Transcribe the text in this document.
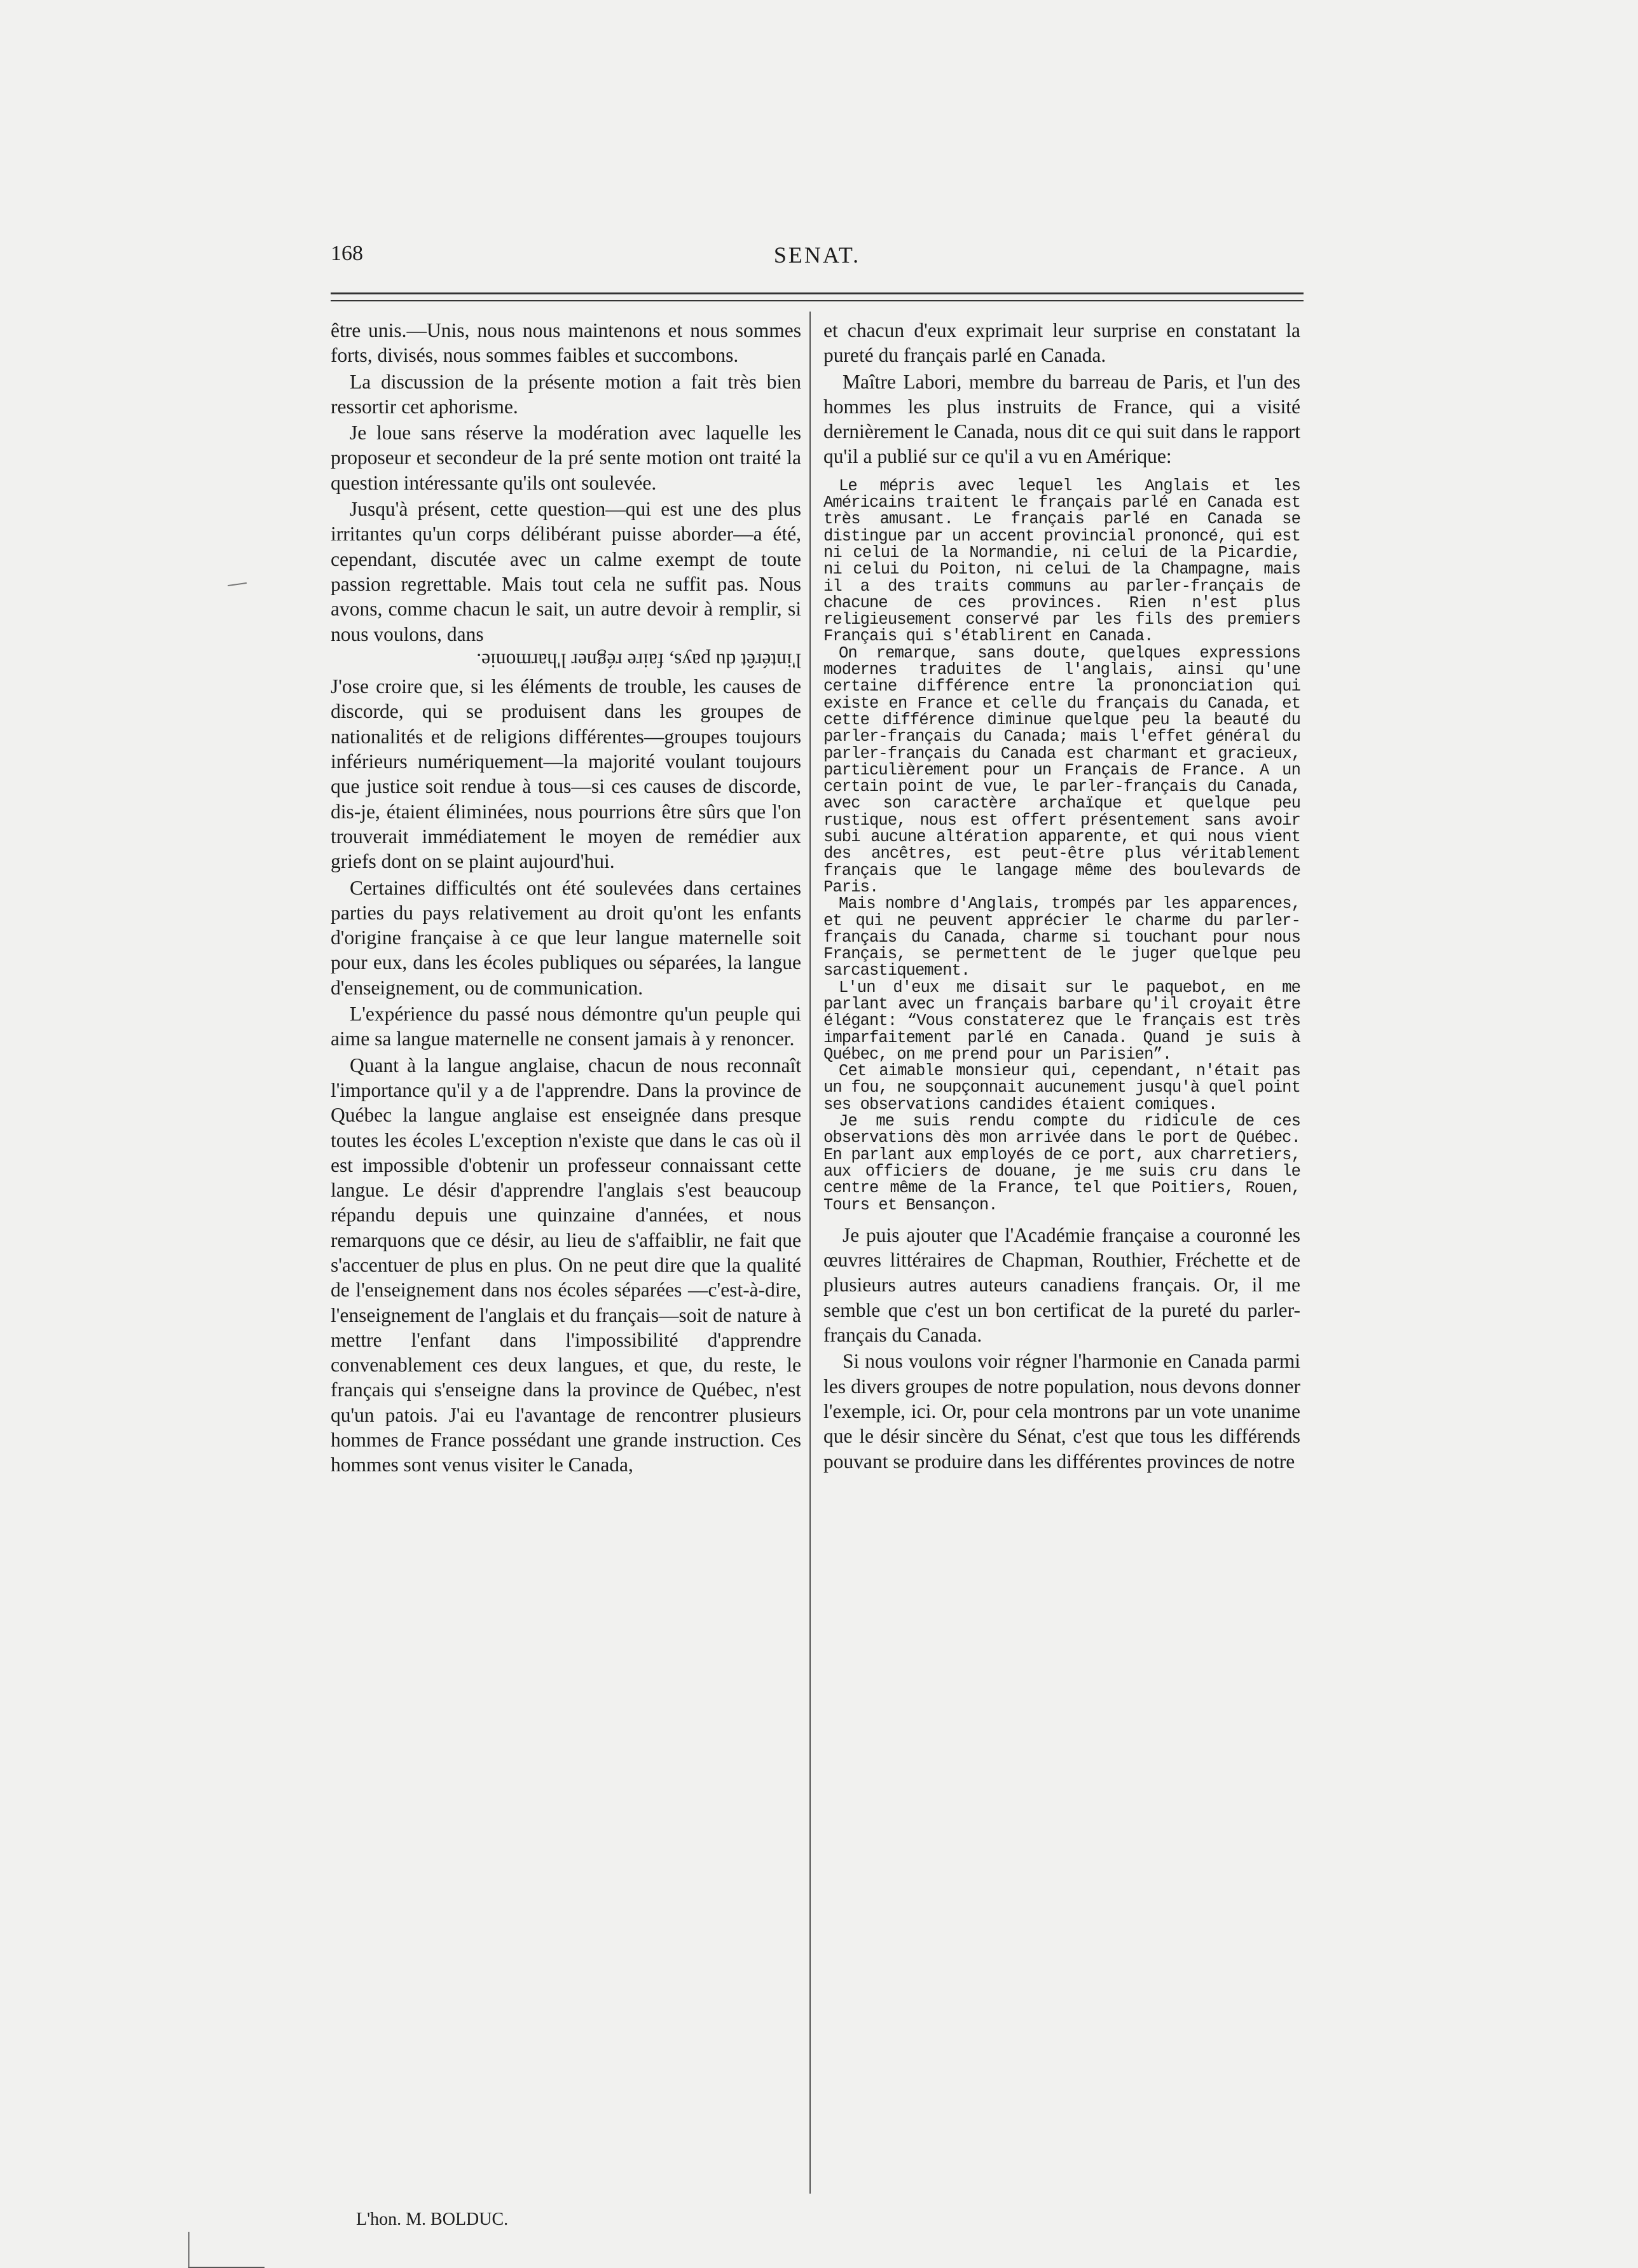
168	SENAT.

être unis.—Unis, nous nous maintenons et nous sommes forts, divisés, nous sommes faibles et succombons.

La discussion de la présente motion a fait très bien ressortir cet aphorisme.

Je loue sans réserve la modération avec laquelle les proposeur et secondeur de la pré sente motion ont traité la question intéressante qu'ils ont soulevée.

Jusqu'à présent, cette question—qui est une des plus irritantes qu'un corps délibérant puisse aborder—a été, cependant, discutée avec un calme exempt de toute passion regrettable. Mais tout cela ne suffit pas. Nous avons, comme chacun le sait, un autre devoir à remplir, si nous voulons, dans

l'intérêt du pays, faire régner l'harmonie.

J'ose croire que, si les éléments de trouble, les causes de discorde, qui se produisent dans les groupes de nationalités et de religions différentes—groupes toujours inférieurs numériquement—la majorité voulant toujours que justice soit rendue à tous—si ces causes de discorde, dis-je, étaient éliminées, nous pourrions être sûrs que l'on trouverait immédiatement le moyen de remédier aux griefs dont on se plaint aujourd'hui.

Certaines difficultés ont été soulevées dans certaines parties du pays relativement au droit qu'ont les enfants d'origine française à ce que leur langue maternelle soit pour eux, dans les écoles publiques ou séparées, la langue d'enseignement, ou de communication.

L'expérience du passé nous démontre qu'un peuple qui aime sa langue maternelle ne consent jamais à y renoncer.

Quant à la langue anglaise, chacun de nous reconnaît l'importance qu'il y a de l'apprendre. Dans la province de Québec la langue anglaise est enseignée dans presque toutes les écoles L'exception n'existe que dans le cas où il est impossible d'obtenir un professeur connaissant cette langue. Le désir d'apprendre l'anglais s'est beaucoup répandu depuis une quinzaine d'années, et nous remarquons que ce désir, au lieu de s'affaiblir, ne fait que s'accentuer de plus en plus. On ne peut dire que la qualité de l'enseignement dans nos écoles séparées —c'est-à-dire, l'enseignement de l'anglais et du français—soit de nature à mettre l'enfant dans l'impossibilité d'apprendre convenablement ces deux langues, et que, du reste, le français qui s'enseigne dans la province de Québec, n'est qu'un patois. J'ai eu l'avantage de rencontrer plusieurs hommes de France possédant une grande instruction. Ces hommes sont venus visiter le Canada,

et chacun d'eux exprimait leur surprise en constatant la pureté du français parlé en Canada.

Maître Labori, membre du barreau de Paris, et l'un des hommes les plus instruits de France, qui a visité dernièrement le Canada, nous dit ce qui suit dans le rapport qu'il a publié sur ce qu'il a vu en Amérique:

Le mépris avec lequel les Anglais et les Américains traitent le français parlé en Canada est très amusant. Le français parlé en Canada se distingue par un accent provincial prononcé, qui est ni celui de la Normandie, ni celui de la Picardie, ni celui du Poiton, ni celui de la Champagne, mais il a des traits communs au parler-français de chacune de ces provinces. Rien n'est plus religieusement conservé par les fils des premiers Français qui s'établirent en Canada.

On remarque, sans doute, quelques expressions modernes traduites de l'anglais, ainsi qu'une certaine différence entre la prononciation qui existe en France et celle du français du Canada, et cette différence diminue quelque peu la beauté du parler-français du Canada; mais l'effet général du parler-français du Canada est charmant et gracieux, particulièrement pour un Français de France. A un certain point de vue, le parler-français du Canada, avec son caractère archaïque et quelque peu rustique, nous est offert présentement sans avoir subi aucune altération apparente, et qui nous vient des ancêtres, est peut-être plus véritablement français que le langage même des boulevards de Paris.

Mais nombre d'Anglais, trompés par les apparences, et qui ne peuvent apprécier le charme du parler-français du Canada, charme si touchant pour nous Français, se permettent de le juger quelque peu sarcastiquement.

L'un d'eux me disait sur le paquebot, en me parlant avec un français barbare qu'il croyait être élégant: “Vous constaterez que le français est très imparfaitement parlé en Canada. Quand je suis à Québec, on me prend pour un Parisien”.

Cet aimable monsieur qui, cependant, n'était pas un fou, ne soupçonnait aucunement jusqu'à quel point ses observations candides étaient comiques.

Je me suis rendu compte du ridicule de ces observations dès mon arrivée dans le port de Québec. En parlant aux employés de ce port, aux charretiers, aux officiers de douane, je me suis cru dans le centre même de la France, tel que Poitiers, Rouen, Tours et Bensançon.

Je puis ajouter que l'Académie française a couronné les œuvres littéraires de Chapman, Routhier, Fréchette et de plusieurs autres auteurs canadiens français. Or, il me semble que c'est un bon certificat de la pureté du parler-français du Canada.

Si nous voulons voir régner l'harmonie en Canada parmi les divers groupes de notre population, nous devons donner l'exemple, ici. Or, pour cela montrons par un vote unanime que le désir sincère du Sénat, c'est que tous les différends pouvant se produire dans les différentes provinces de notre

L'hon. M. BOLDUC.
